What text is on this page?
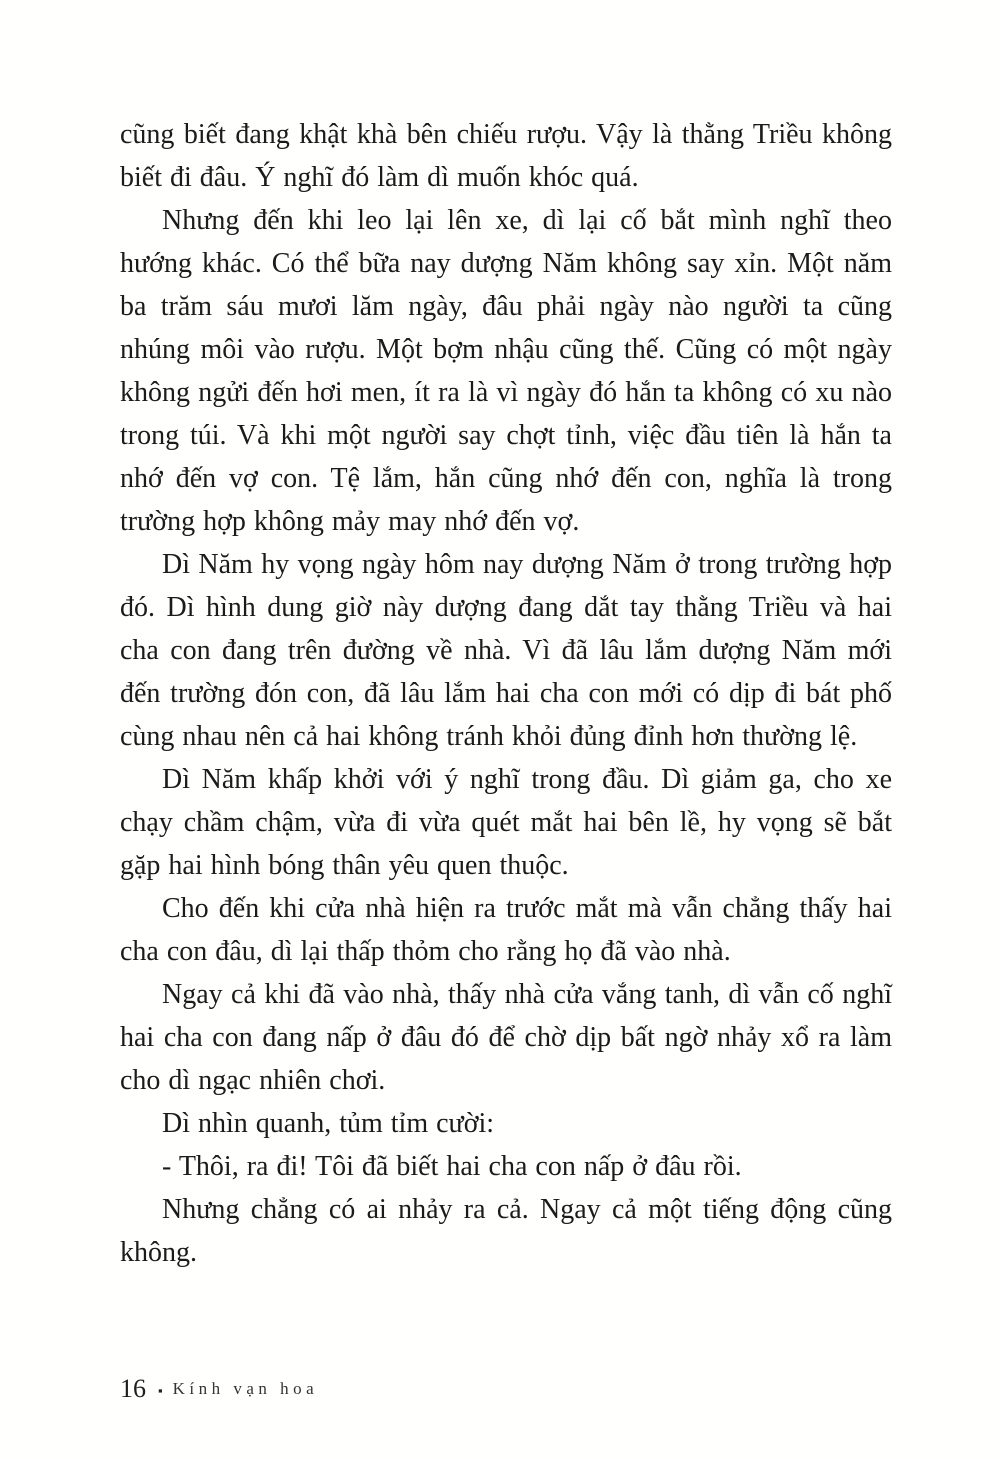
cũng biết đang khật khà bên chiếu rượu. Vậy là thằng Triều không biết đi đâu. Ý nghĩ đó làm dì muốn khóc quá.

Nhưng đến khi leo lại lên xe, dì lại cố bắt mình nghĩ theo hướng khác. Có thể bữa nay dượng Năm không say xỉn. Một năm ba trăm sáu mươi lăm ngày, đâu phải ngày nào người ta cũng nhúng môi vào rượu. Một bợm nhậu cũng thế. Cũng có một ngày không ngửi đến hơi men, ít ra là vì ngày đó hắn ta không có xu nào trong túi. Và khi một người say chợt tỉnh, việc đầu tiên là hắn ta nhớ đến vợ con. Tệ lắm, hắn cũng nhớ đến con, nghĩa là trong trường hợp không mảy may nhớ đến vợ.

Dì Năm hy vọng ngày hôm nay dượng Năm ở trong trường hợp đó. Dì hình dung giờ này dượng đang dắt tay thằng Triều và hai cha con đang trên đường về nhà. Vì đã lâu lắm dượng Năm mới đến trường đón con, đã lâu lắm hai cha con mới có dịp đi bát phố cùng nhau nên cả hai không tránh khỏi đủng đỉnh hơn thường lệ.

Dì Năm khấp khởi với ý nghĩ trong đầu. Dì giảm ga, cho xe chạy chầm chậm, vừa đi vừa quét mắt hai bên lề, hy vọng sẽ bắt gặp hai hình bóng thân yêu quen thuộc.

Cho đến khi cửa nhà hiện ra trước mắt mà vẫn chẳng thấy hai cha con đâu, dì lại thấp thỏm cho rằng họ đã vào nhà.

Ngay cả khi đã vào nhà, thấy nhà cửa vắng tanh, dì vẫn cố nghĩ hai cha con đang nấp ở đâu đó để chờ dịp bất ngờ nhảy xổ ra làm cho dì ngạc nhiên chơi.

Dì nhìn quanh, tủm tỉm cười:

- Thôi, ra đi! Tôi đã biết hai cha con nấp ở đâu rồi.

Nhưng chẳng có ai nhảy ra cả. Ngay cả một tiếng động cũng không.

16 ▪ Kính vạn hoa
